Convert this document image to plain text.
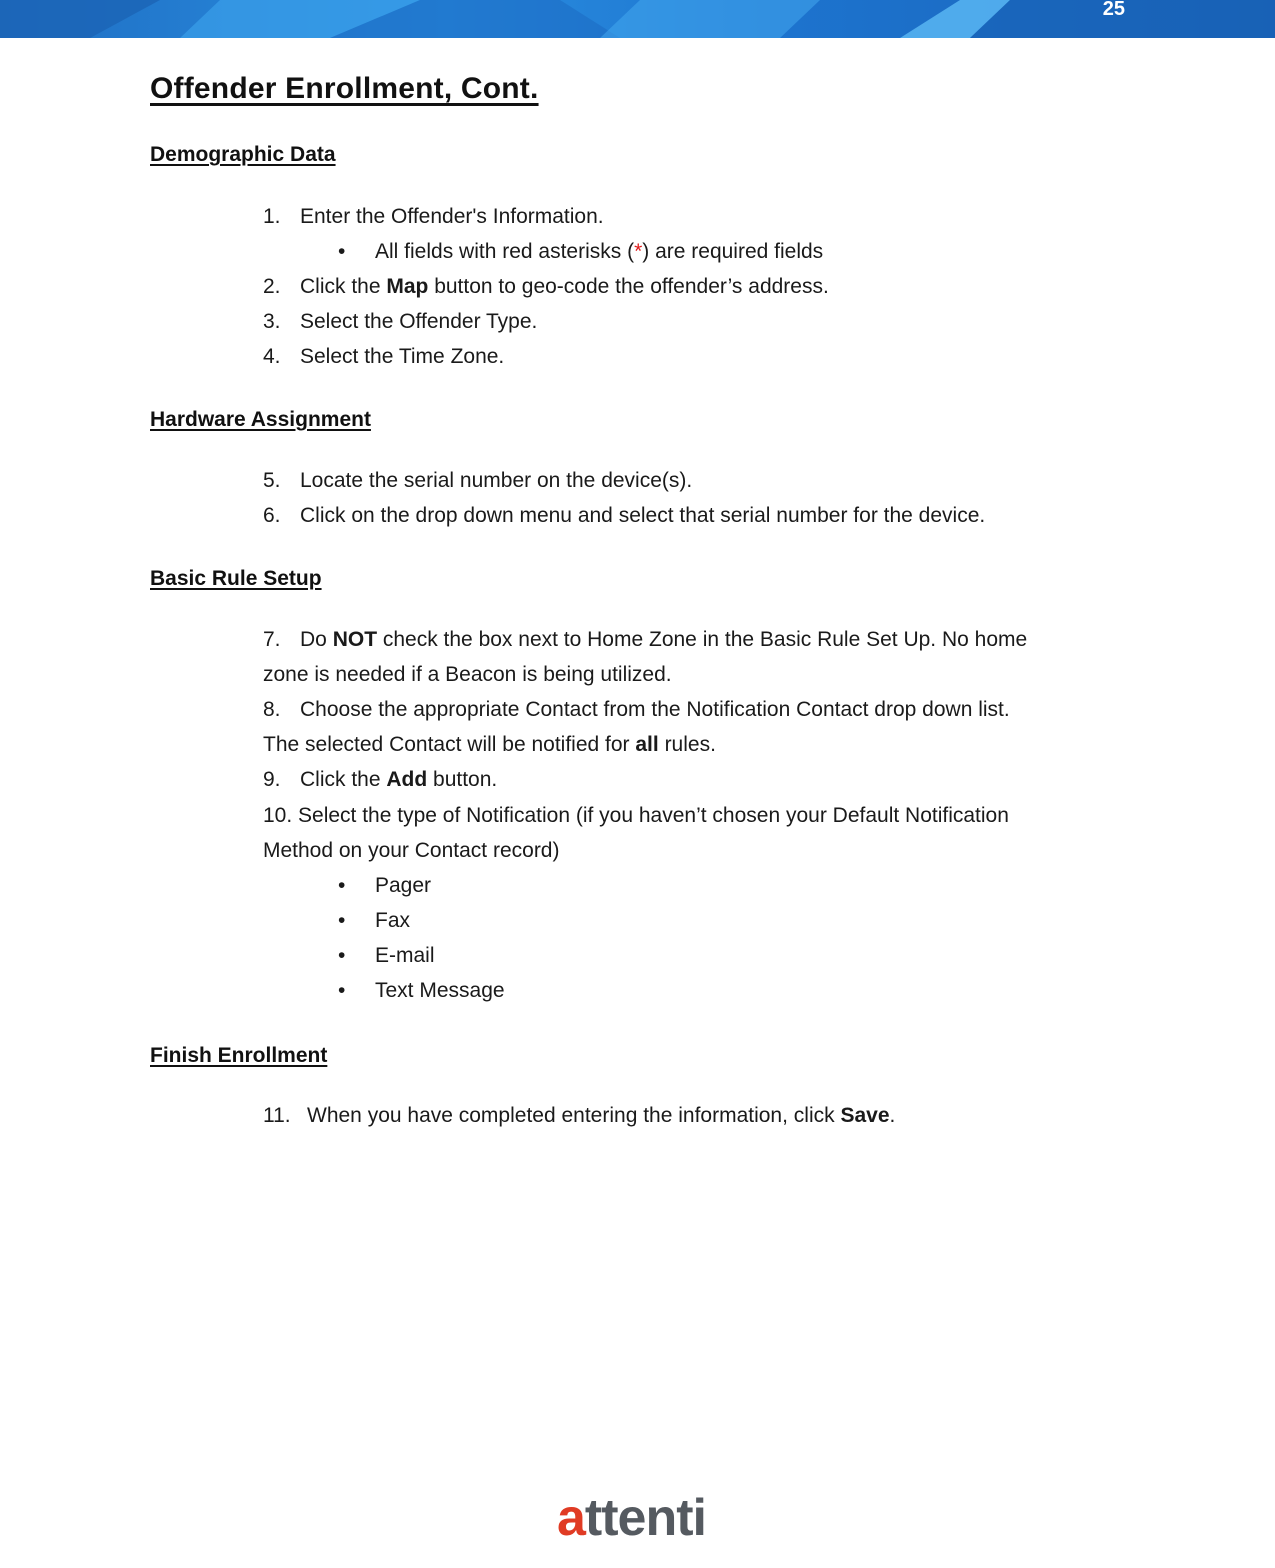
25
Offender Enrollment, Cont.
Demographic Data
1. Enter the Offender's Information.
• All fields with red asterisks (*) are required fields
2. Click the Map button to geo-code the offender’s address.
3. Select the Offender Type.
4. Select the Time Zone.
Hardware Assignment
5. Locate the serial number on the device(s).
6. Click on the drop down menu and select that serial number for the device.
Basic Rule Setup
7. Do NOT check the box next to Home Zone in the Basic Rule Set Up. No home
zone is needed if a Beacon is being utilized.
8. Choose the appropriate Contact from the Notification Contact drop down list.
The selected Contact will be notified for all rules.
9. Click the Add button.
10. Select the type of Notification (if you haven’t chosen your Default Notification
Method on your Contact record)
• Pager
• Fax
• E-mail
• Text Message
Finish Enrollment
11. When you have completed entering the information, click Save.
attenti
